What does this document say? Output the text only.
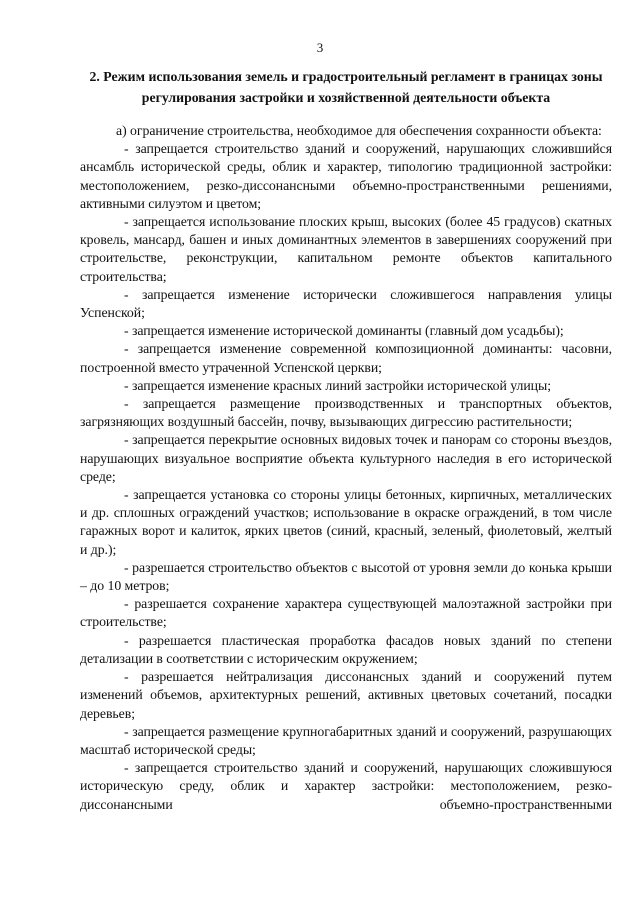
3
2. Режим использования земель и градостроительный регламент в границах зоны регулирования застройки и хозяйственной деятельности объекта

а) ограничение строительства, необходимое для обеспечения сохранности объекта:

- запрещается строительство зданий и сооружений, нарушающих сложившийся ансамбль исторической среды, облик и характер, типологию традиционной застройки: местоположением, резко-диссонансными объемно-пространственными решениями, активными силуэтом и цветом;

- запрещается использование плоских крыш, высоких (более 45 градусов) скатных кровель, мансард, башен и иных доминантных элементов в завершениях сооружений при строительстве, реконструкции, капитальном ремонте объектов капитального строительства;

- запрещается изменение исторически сложившегося направления улицы Успенской;

- запрещается изменение исторической доминанты (главный дом усадьбы);

- запрещается изменение современной композиционной доминанты: часовни, построенной вместо утраченной Успенской церкви;

- запрещается изменение красных линий застройки исторической улицы;

- запрещается размещение производственных и транспортных объектов, загрязняющих воздушный бассейн, почву, вызывающих дигрессию растительности;

- запрещается перекрытие основных видовых точек и панорам со стороны въездов, нарушающих визуальное восприятие объекта культурного наследия в его исторической среде;

- запрещается установка со стороны улицы бетонных, кирпичных, металлических и др. сплошных ограждений участков; использование в окраске ограждений, в том числе гаражных ворот и калиток, ярких цветов (синий, красный, зеленый, фиолетовый, желтый и др.);

- разрешается строительство объектов с высотой от уровня земли до конька крыши – до 10 метров;

- разрешается сохранение характера существующей малоэтажной застройки при строительстве;

- разрешается пластическая проработка фасадов новых зданий по степени детализации в соответствии с историческим окружением;

- разрешается нейтрализация диссонансных зданий и сооружений путем изменений объемов, архитектурных решений, активных цветовых сочетаний, посадки деревьев;

- запрещается размещение крупногабаритных зданий и сооружений, разрушающих масштаб исторической среды;

- запрещается строительство зданий и сооружений, нарушающих сложившуюся историческую среду, облик и характер застройки: местоположением, резко-диссонансными объемно-пространственными
